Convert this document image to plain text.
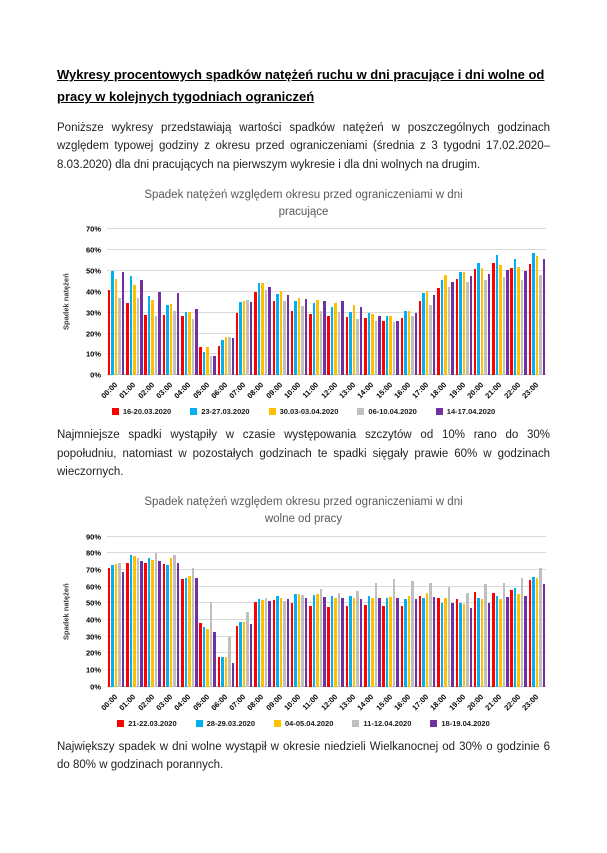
Wykresy procentowych spadków natężeń ruchu w dni pracujące i dni wolne od pracy w kolejnych tygodniach ograniczeń

Poniższe wykresy przedstawiają wartości spadków natężeń w poszczególnych godzinach względem typowej godziny z okresu przed ograniczeniami (średnia z 3 tygodni 17.02.2020–8.03.2020) dla dni pracujących na pierwszym wykresie i dla dni wolnych na drugim.

Spadek natężeń względem okresu przed ograniczeniami w dni pracujące
Spadek natężeń
0%
10%
20%
30%
40%
50%
60%
70%
00:00
01:00
02:00
03:00
04:00
05:00
06:00
07:00
08:00
09:00
10:00
11:00
12:00
13:00
14:00
15:00
16:00
17:00
18:00
19:00
20:00
21:00
22:00
23:00
16-20.03.2020	23-27.03.2020	30.03-03.04.2020	06-10.04.2020	14-17.04.2020

Najmniejsze spadki wystąpiły w czasie występowania szczytów od 10% rano do 30% popołudniu, natomiast w pozostałych godzinach te spadki sięgały prawie 60% w godzinach wieczornych.

Spadek natężeń względem okresu przed ograniczeniami w dni wolne od pracy
Spadek natężeń
0%
10%
20%
30%
40%
50%
60%
70%
80%
90%
00:00
01:00
02:00
03:00
04:00
05:00
06:00
07:00
08:00
09:00
10:00
11:00
12:00
13:00
14:00
15:00
16:00
17:00
18:00
19:00
20:00
21:00
22:00
23:00
21-22.03.2020	28-29.03.2020	04-05.04.2020	11-12.04.2020	18-19.04.2020

Największy spadek w dni wolne wystąpił w okresie niedzieli Wielkanocnej od 30% o godzinie 6 do 80% w godzinach porannych.
